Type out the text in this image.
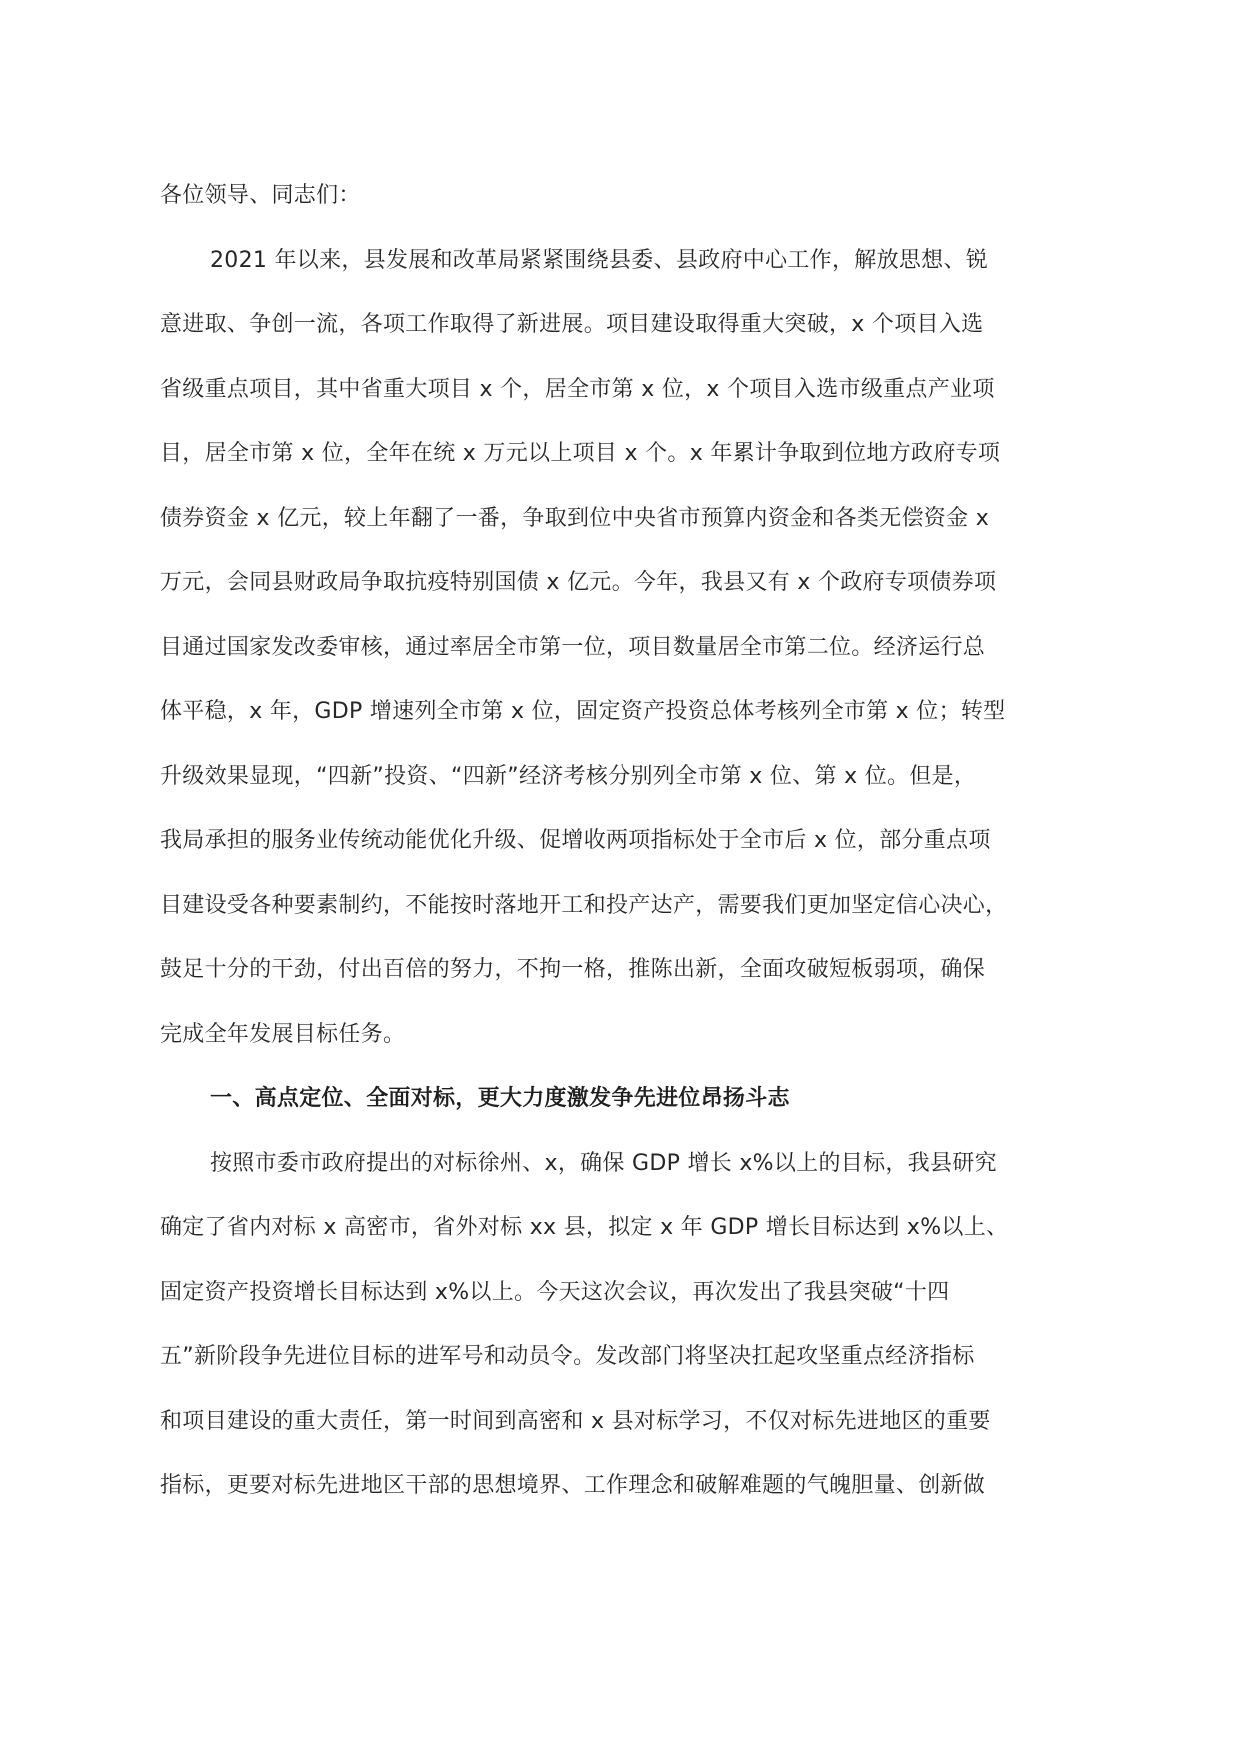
各位领导、同志们：
2021 年以来，县发展和改革局紧紧围绕县委、县政府中心工作，解放思想、锐
意进取、争创一流，各项工作取得了新进展。项目建设取得重大突破，x 个项目入选
省级重点项目，其中省重大项目 x 个，居全市第 x 位，x 个项目入选市级重点产业项
目，居全市第 x 位，全年在统 x 万元以上项目 x 个。x 年累计争取到位地方政府专项
债券资金 x 亿元，较上年翻了一番，争取到位中央省市预算内资金和各类无偿资金 x
万元，会同县财政局争取抗疫特别国债 x 亿元。今年，我县又有 x 个政府专项债券项
目通过国家发改委审核，通过率居全市第一位，项目数量居全市第二位。经济运行总
体平稳，x 年，GDP 增速列全市第 x 位，固定资产投资总体考核列全市第 x 位；转型
升级效果显现，“四新”投资、“四新”经济考核分别列全市第 x 位、第 x 位。但是，
我局承担的服务业传统动能优化升级、促增收两项指标处于全市后 x 位，部分重点项
目建设受各种要素制约，不能按时落地开工和投产达产，需要我们更加坚定信心决心，
鼓足十分的干劲，付出百倍的努力，不拘一格，推陈出新，全面攻破短板弱项，确保
完成全年发展目标任务。
一、高点定位、全面对标，更大力度激发争先进位昂扬斗志
按照市委市政府提出的对标徐州、x，确保 GDP 增长 x%以上的目标，我县研究
确定了省内对标 x 高密市，省外对标 xx 县，拟定 x 年 GDP 增长目标达到 x%以上、
固定资产投资增长目标达到 x%以上。今天这次会议，再次发出了我县突破“十四
五”新阶段争先进位目标的进军号和动员令。发改部门将坚决扛起攻坚重点经济指标
和项目建设的重大责任，第一时间到高密和 x 县对标学习，不仅对标先进地区的重要
指标，更要对标先进地区干部的思想境界、工作理念和破解难题的气魄胆量、创新做
